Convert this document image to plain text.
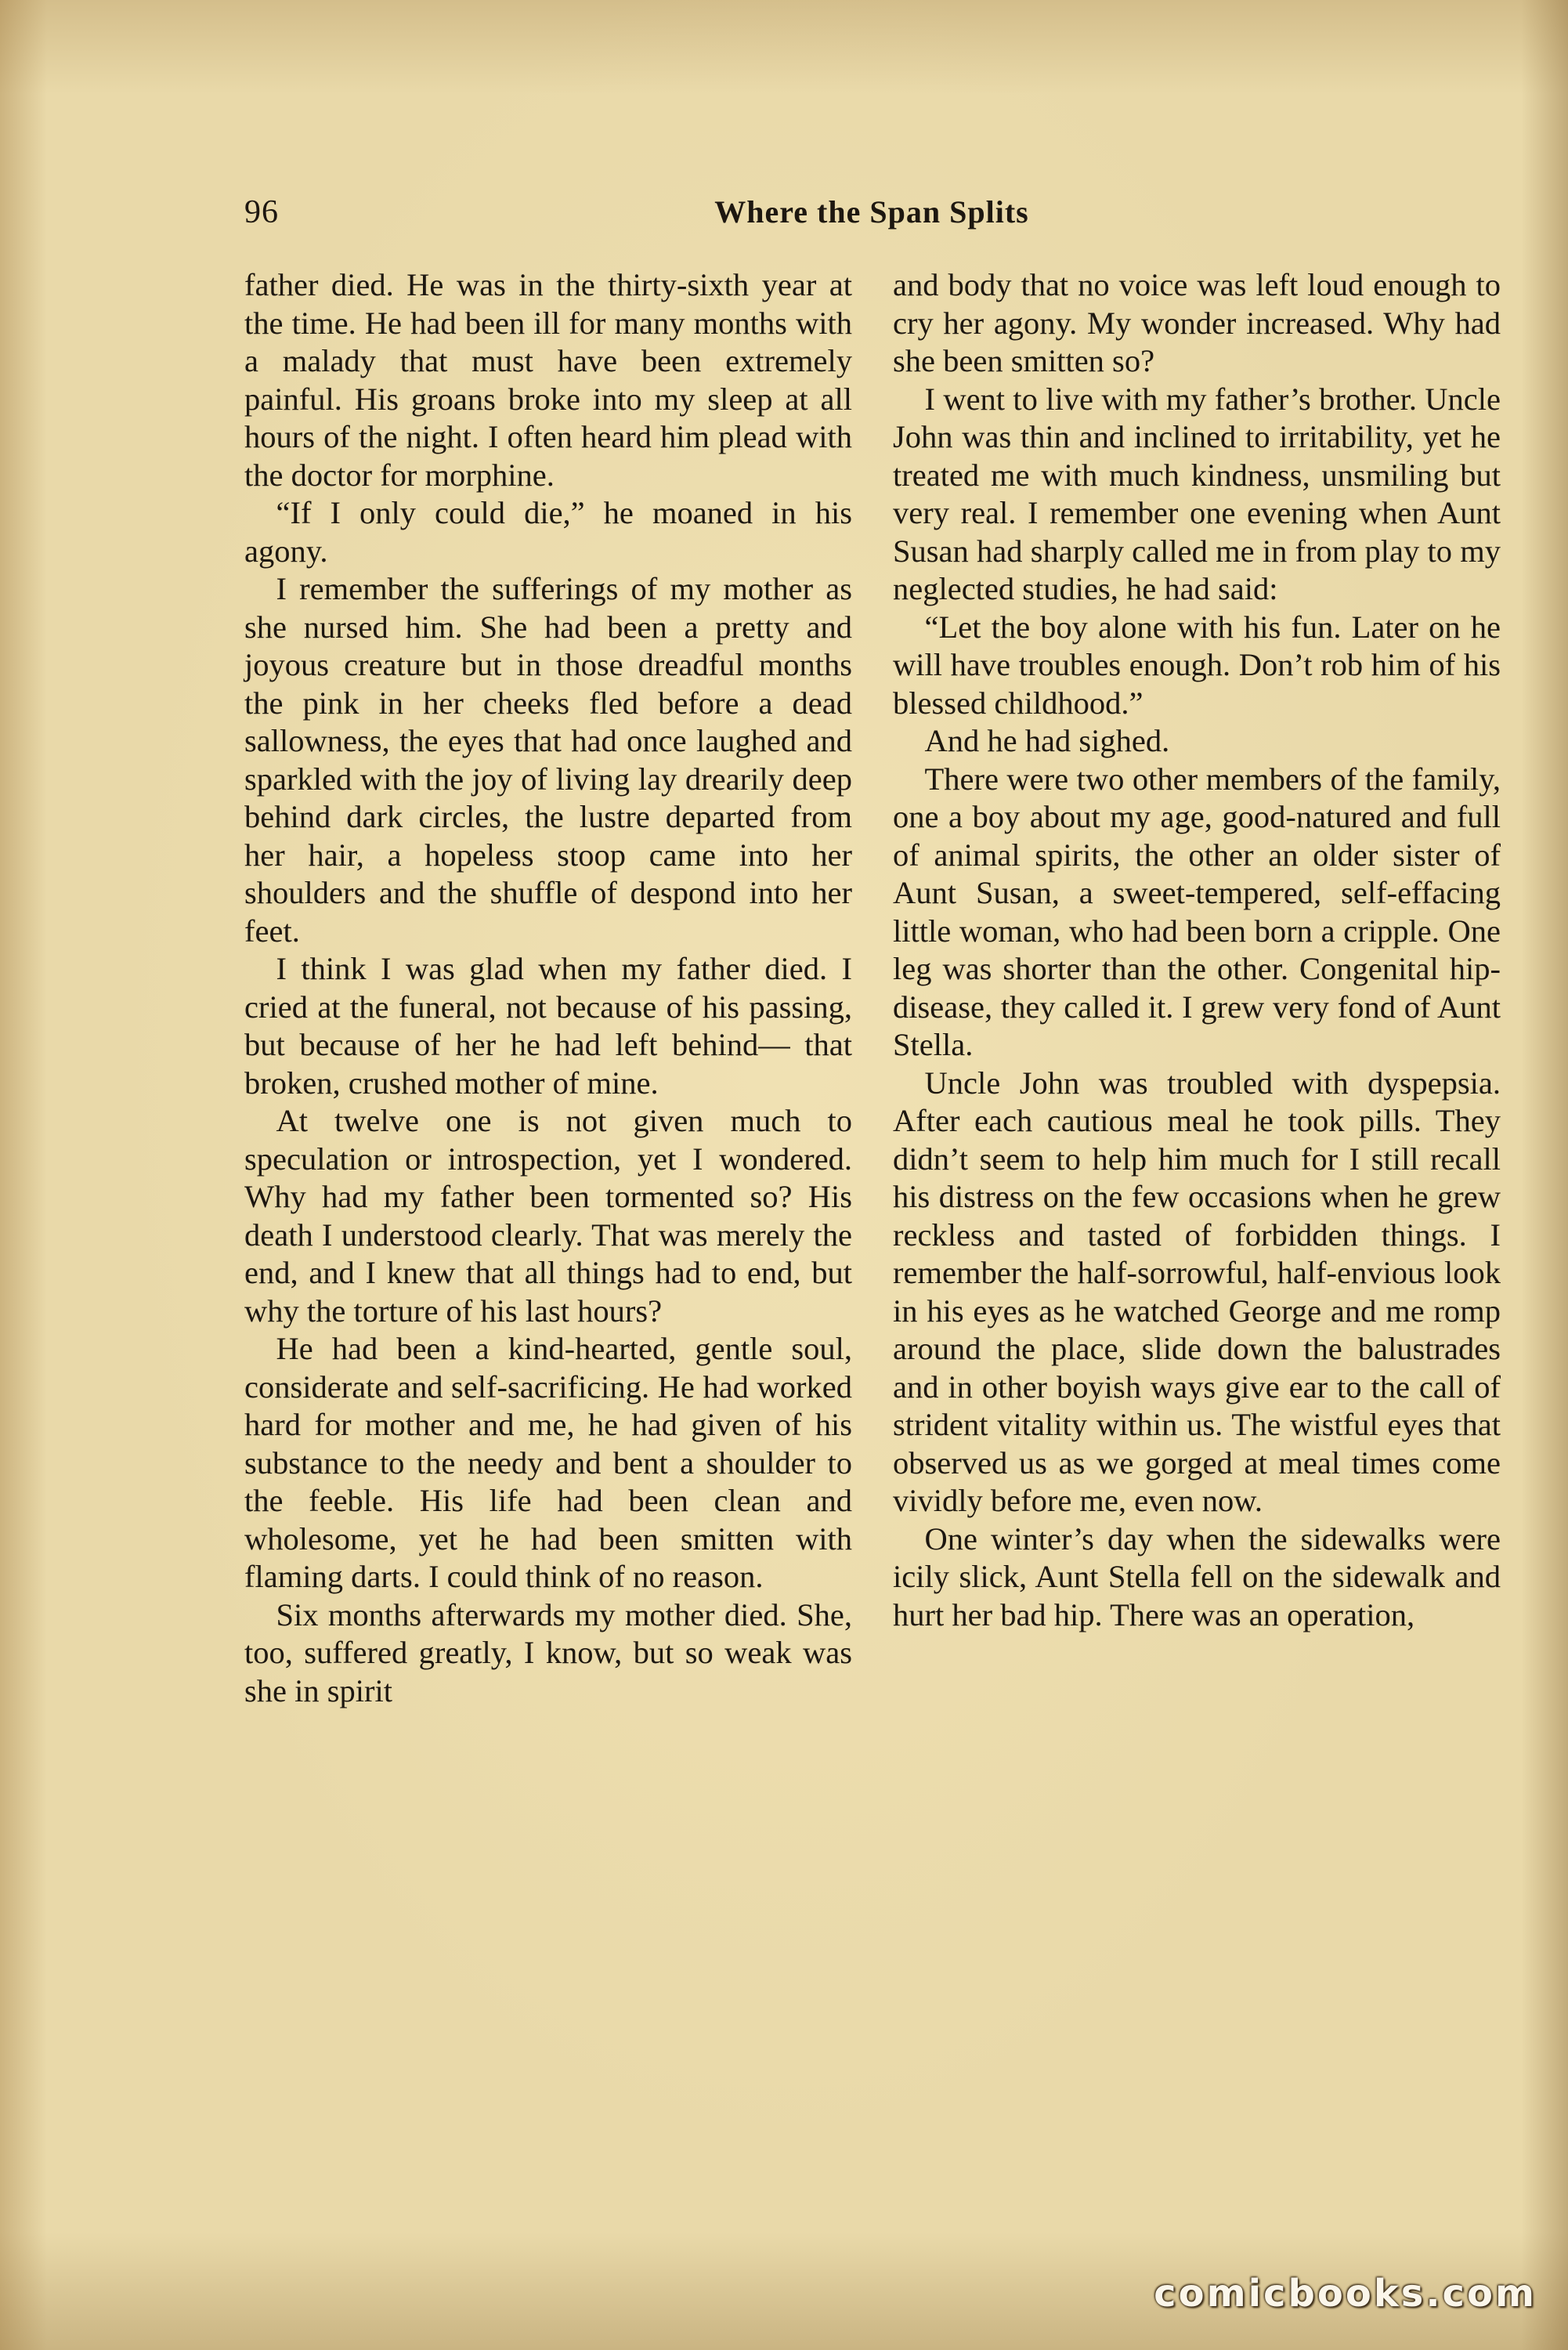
96	Where the Span Splits

father died. He was in the thirty-sixth year at the time. He had been ill for many months with a malady that must have been extremely painful. His groans broke into my sleep at all hours of the night. I often heard him plead with the doctor for morphine.

“If I only could die,” he moaned in his agony.

I remember the sufferings of my mother as she nursed him. She had been a pretty and joyous creature but in those dreadful months the pink in her cheeks fled before a dead sallowness, the eyes that had once laughed and sparkled with the joy of living lay drearily deep behind dark circles, the lustre departed from her hair, a hopeless stoop came into her shoulders and the shuffle of despond into her feet.

I think I was glad when my father died. I cried at the funeral, not because of his passing, but because of her he had left behind— that broken, crushed mother of mine.

At twelve one is not given much to speculation or introspection, yet I wondered. Why had my father been tormented so? His death I understood clearly. That was merely the end, and I knew that all things had to end, but why the torture of his last hours?

He had been a kind-hearted, gentle soul, considerate and self-sacrificing. He had worked hard for mother and me, he had given of his substance to the needy and bent a shoulder to the feeble. His life had been clean and wholesome, yet he had been smitten with flaming darts. I could think of no reason.

Six months afterwards my mother died. She, too, suffered greatly, I know, but so weak was she in spirit

and body that no voice was left loud enough to cry her agony. My wonder increased. Why had she been smitten so?

I went to live with my father’s brother. Uncle John was thin and inclined to irritability, yet he treated me with much kindness, unsmiling but very real. I remember one evening when Aunt Susan had sharply called me in from play to my neglected studies, he had said:

“Let the boy alone with his fun. Later on he will have troubles enough. Don’t rob him of his blessed childhood.”

And he had sighed.

There were two other members of the family, one a boy about my age, good-natured and full of animal spirits, the other an older sister of Aunt Susan, a sweet-tempered, self-effacing little woman, who had been born a cripple. One leg was shorter than the other. Congenital hip-disease, they called it. I grew very fond of Aunt Stella.

Uncle John was troubled with dyspepsia. After each cautious meal he took pills. They didn’t seem to help him much for I still recall his distress on the few occasions when he grew reckless and tasted of forbidden things. I remember the half-sorrowful, half-envious look in his eyes as he watched George and me romp around the place, slide down the balustrades and in other boyish ways give ear to the call of strident vitality within us. The wistful eyes that observed us as we gorged at meal times come vividly before me, even now.

One winter’s day when the sidewalks were icily slick, Aunt Stella fell on the sidewalk and hurt her bad hip. There was an operation,

comicbooks.com
